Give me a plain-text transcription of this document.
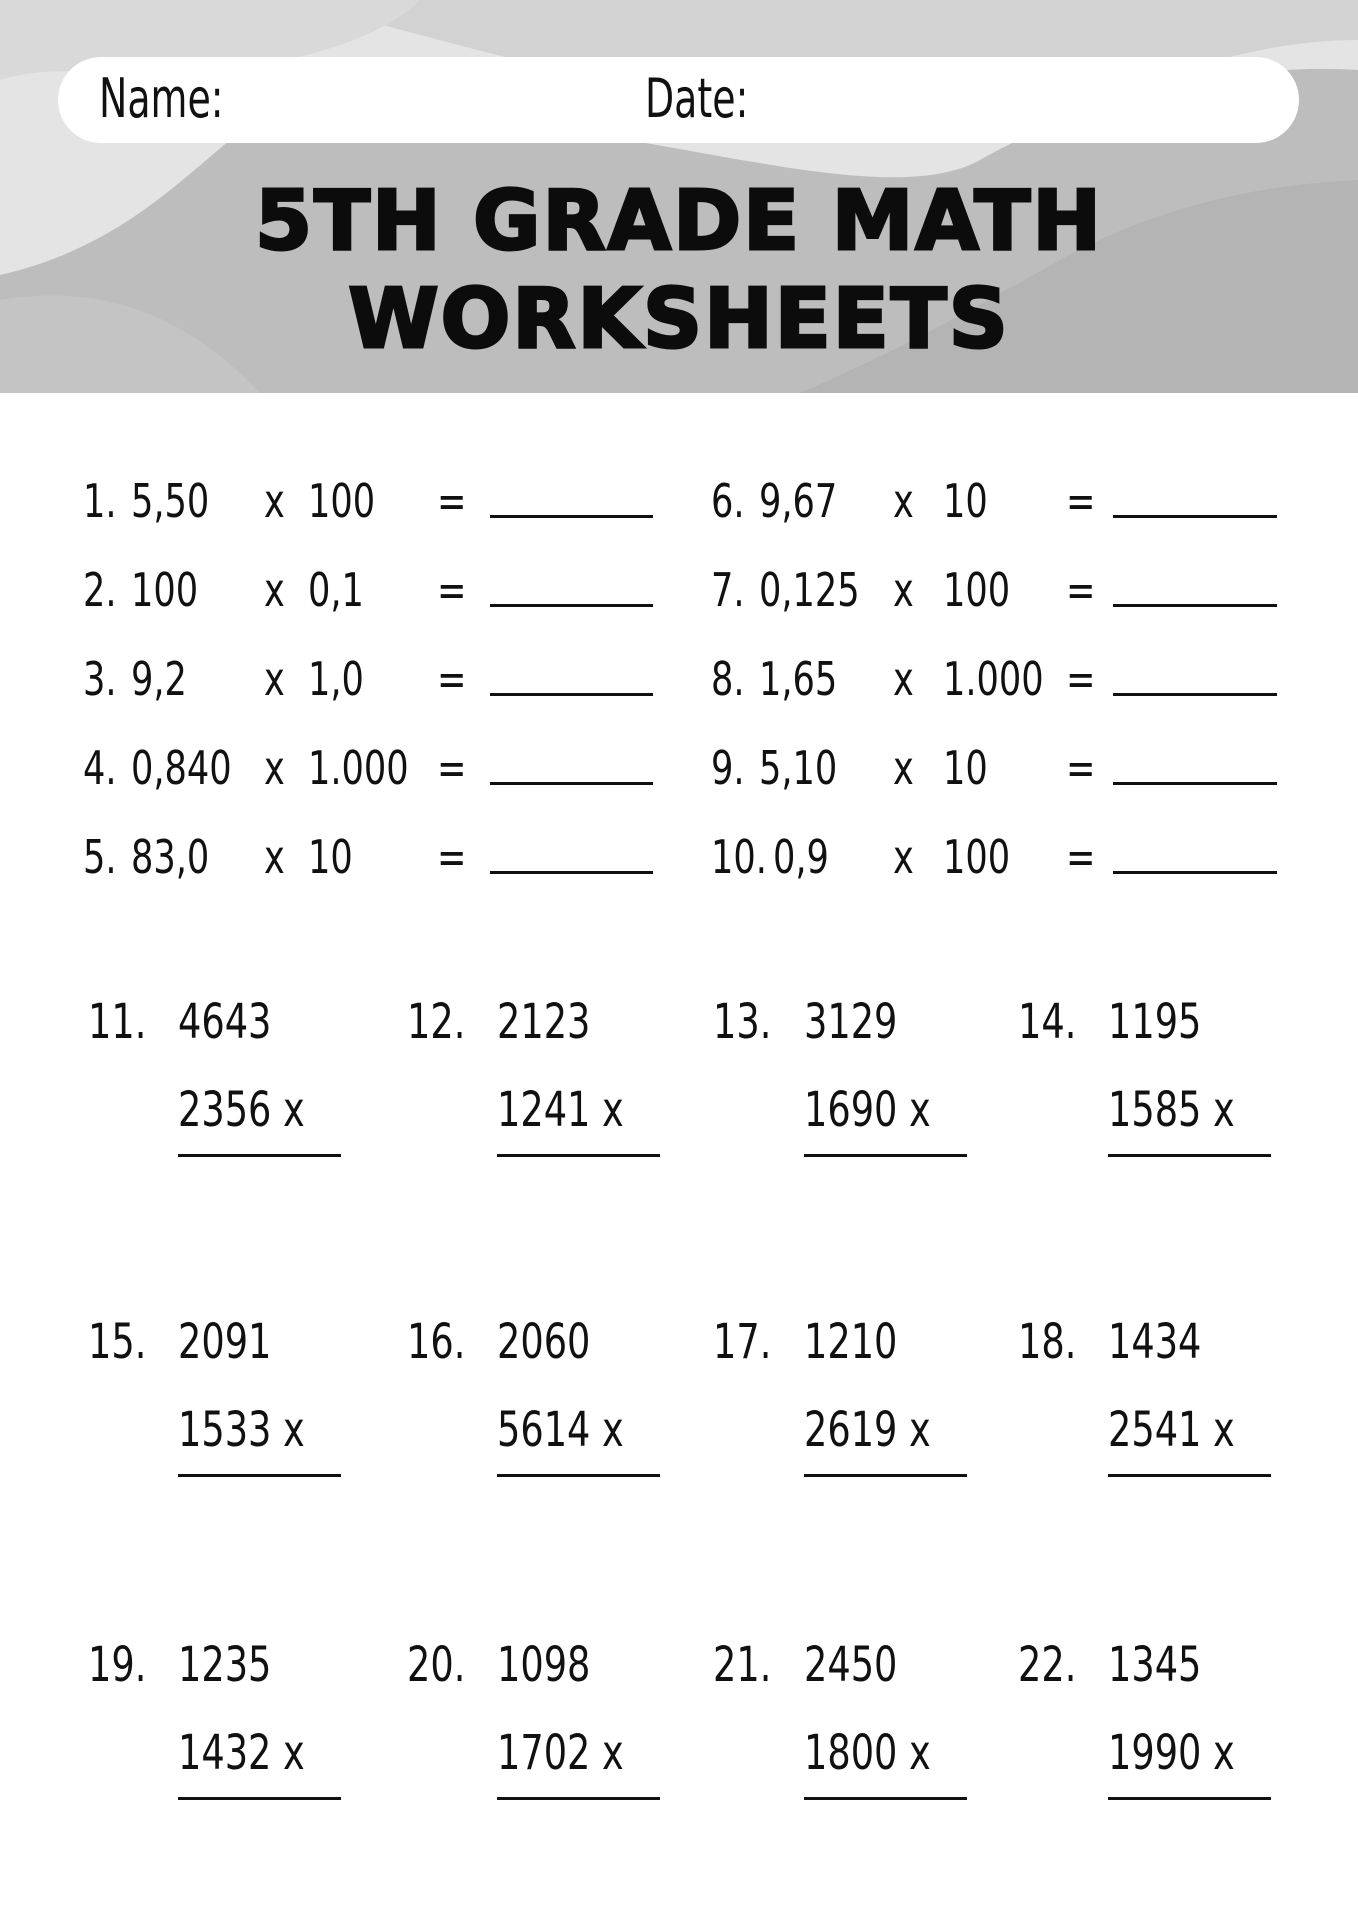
Name:	Date:
5TH GRADE MATH
WORKSHEETS
1. 5,50 x 100 =
2. 100 x 0,1 =
3. 9,2 x 1,0 =
4. 0,840 x 1.000 =
5. 83,0 x 10 =
6. 9,67 x 10 =
7. 0,125 x 100 =
8. 1,65 x 1.000 =
9. 5,10 x 10 =
10. 0,9 x 100 =
11. 4643
2356 x
12. 2123
1241 x
13. 3129
1690 x
14. 1195
1585 x
15. 2091
1533 x
16. 2060
5614 x
17. 1210
2619 x
18. 1434
2541 x
19. 1235
1432 x
20. 1098
1702 x
21. 2450
1800 x
22. 1345
1990 x
